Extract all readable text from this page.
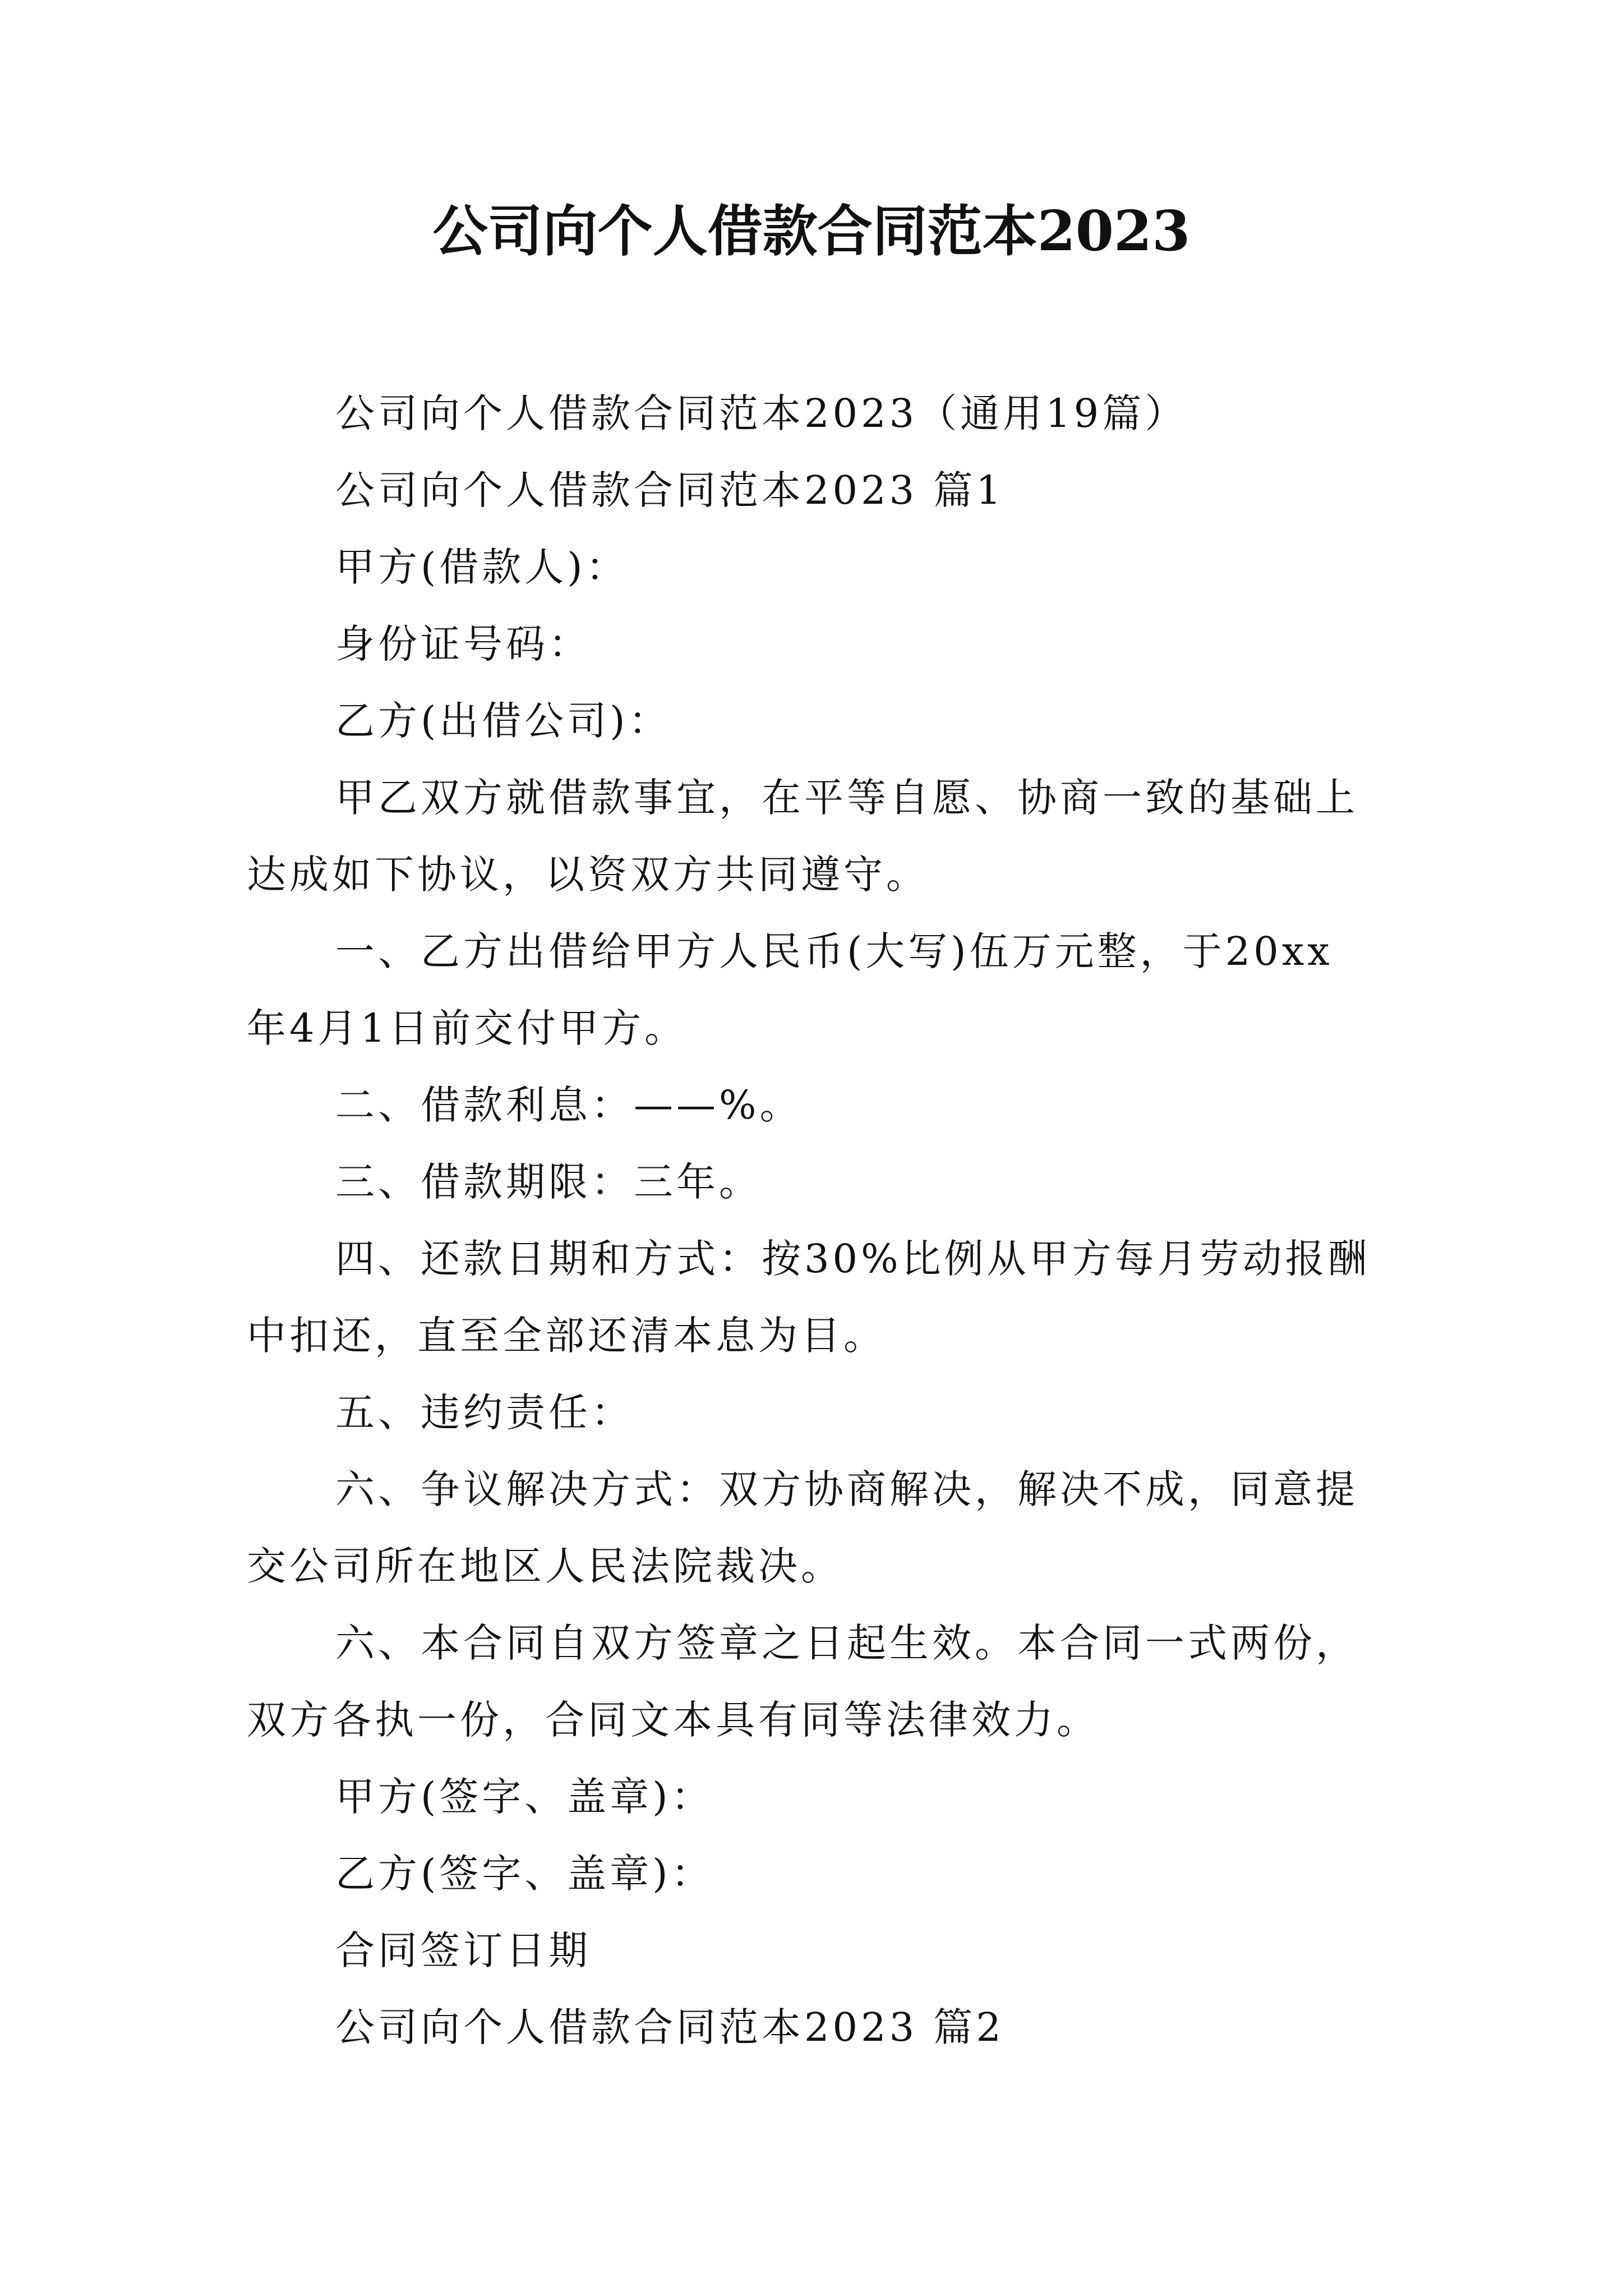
公司向个人借款合同范本2023

公司向个人借款合同范本2023（通用19篇）

公司向个人借款合同范本2023 篇1

甲方(借款人)：

身份证号码：

乙方(出借公司)：

甲乙双方就借款事宜，在平等自愿、协商一致的基础上

达成如下协议，以资双方共同遵守。

一、乙方出借给甲方人民币(大写)伍万元整，于20xx

年4月1日前交付甲方。

二、借款利息：——%。

三、借款期限：三年。

四、还款日期和方式：按30%比例从甲方每月劳动报酬

中扣还，直至全部还清本息为目。

五、违约责任：

六、争议解决方式：双方协商解决，解决不成，同意提

交公司所在地区人民法院裁决。

六、本合同自双方签章之日起生效。本合同一式两份，

双方各执一份，合同文本具有同等法律效力。

甲方(签字、盖章)：

乙方(签字、盖章)：

合同签订日期

公司向个人借款合同范本2023 篇2
